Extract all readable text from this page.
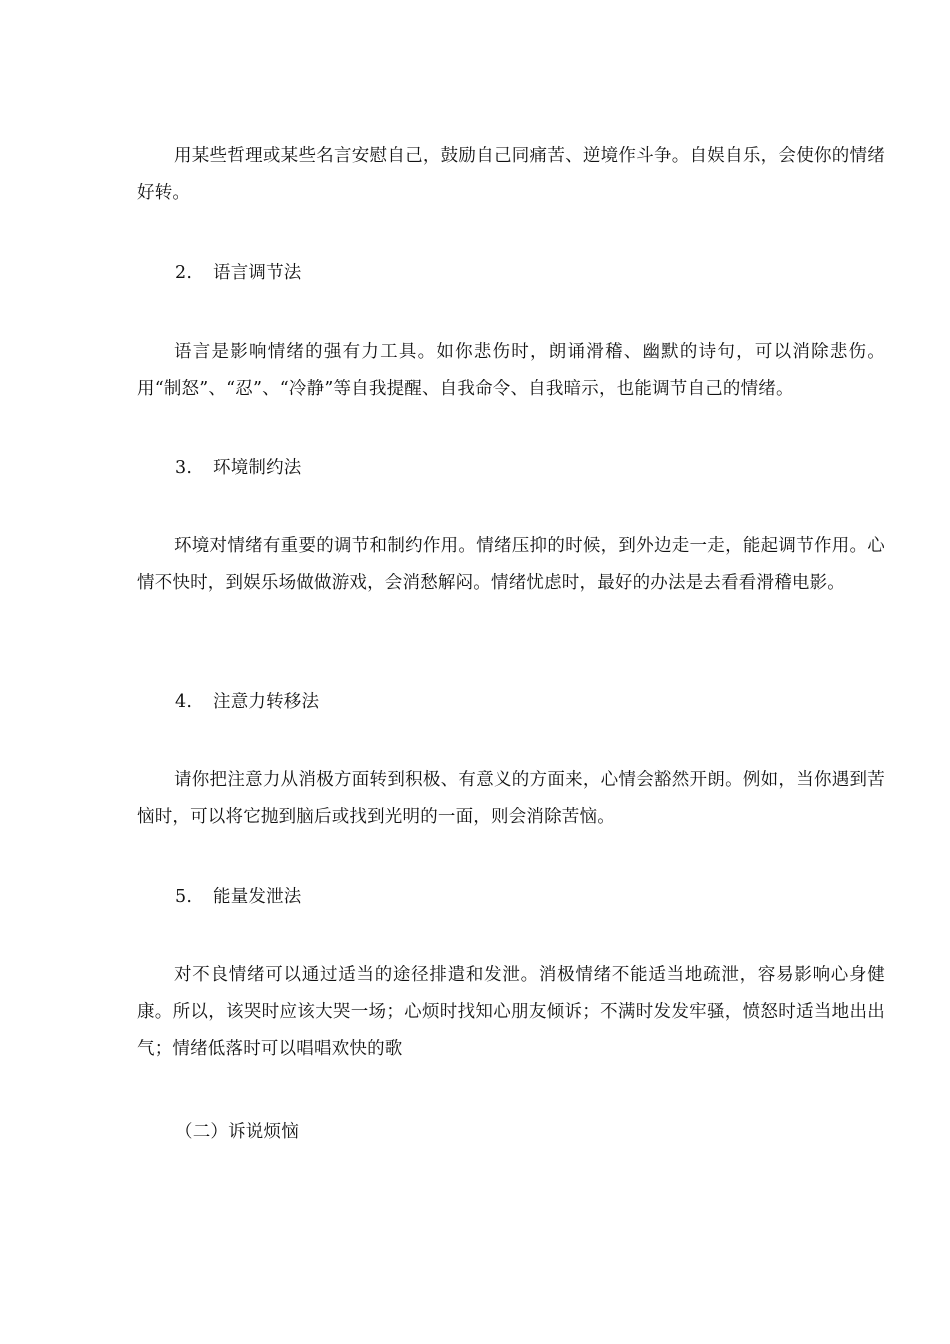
用某些哲理或某些名言安慰自己，鼓励自己同痛苦、逆境作斗争。自娱自乐，会使你的情绪好转。

2. 语言调节法

语言是影响情绪的强有力工具。如你悲伤时，朗诵滑稽、幽默的诗句，可以消除悲伤。用“制怒”、“忍”、“冷静”等自我提醒、自我命令、自我暗示，也能调节自己的情绪。

3. 环境制约法

环境对情绪有重要的调节和制约作用。情绪压抑的时候，到外边走一走，能起调节作用。心情不快时，到娱乐场做做游戏，会消愁解闷。情绪忧虑时，最好的办法是去看看滑稽电影。

4. 注意力转移法

请你把注意力从消极方面转到积极、有意义的方面来，心情会豁然开朗。例如，当你遇到苦恼时，可以将它抛到脑后或找到光明的一面，则会消除苦恼。

5. 能量发泄法

对不良情绪可以通过适当的途径排遣和发泄。消极情绪不能适当地疏泄，容易影响心身健康。所以，该哭时应该大哭一场；心烦时找知心朋友倾诉；不满时发发牢骚，愤怒时适当地出出气；情绪低落时可以唱唱欢快的歌

（二）诉说烦恼
